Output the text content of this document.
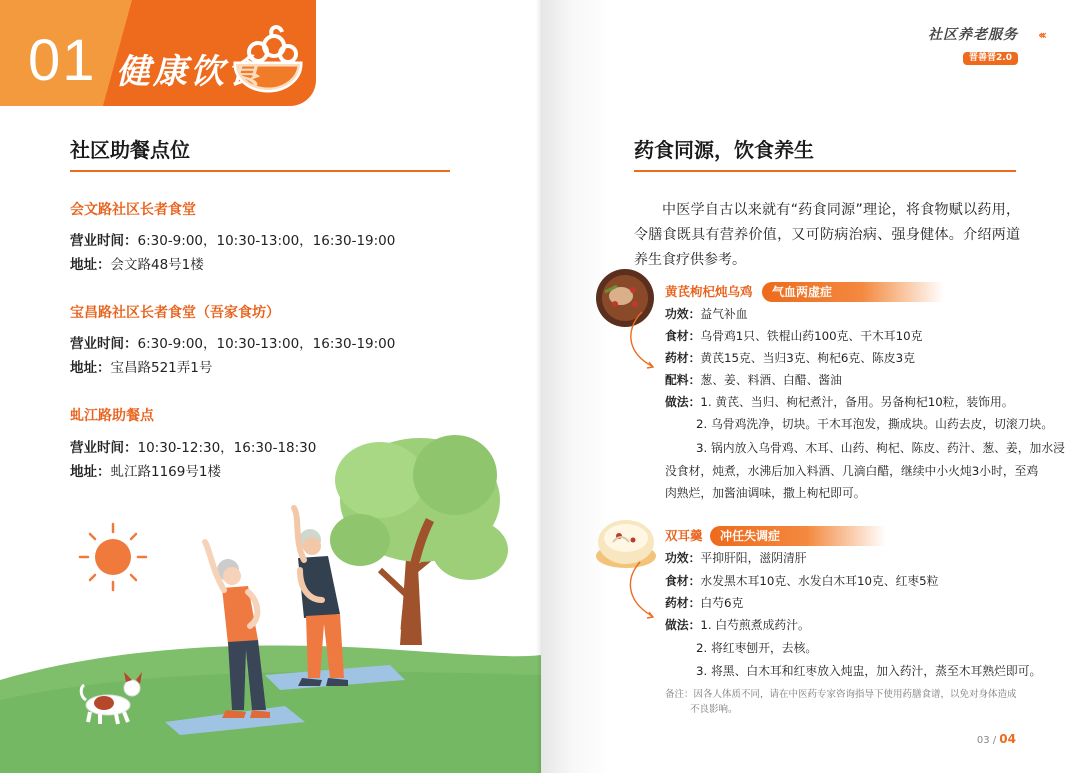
01 健康饮食
社区助餐点位
会文路社区长者食堂
营业时间：6:30-9:00，10:30-13:00，16:30-19:00
地址：会文路48号1楼
宝昌路社区长者食堂（吾家食坊）
营业时间：6:30-9:00，10:30-13:00，16:30-19:00
地址：宝昌路521弄1号
虬江路助餐点
营业时间：10:30-12:30，16:30-18:30
地址：虬江路1169号1楼
社区养老服务
晋善晋2.0
‹‹‹
药食同源，饮食养生

中医学自古以来就有“药食同源”理论，将食物赋以药用，令膳食既具有营养价值，又可防病治病、强身健体。介绍两道养生食疗供参考。

黄芪枸杞炖乌鸡	气血两虚症
功效：益气补血
食材：乌骨鸡1只、铁棍山药100克、干木耳10克
药材：黄芪15克、当归3克、枸杞6克、陈皮3克
配料：葱、姜、料酒、白醋、酱油
做法：1. 黄芪、当归、枸杞煮汁，备用。另备枸杞10粒，装饰用。
2. 乌骨鸡洗净，切块。干木耳泡发，撕成块。山药去皮，切滚刀块。
3. 锅内放入乌骨鸡、木耳、山药、枸杞、陈皮、药汁、葱、姜，加水浸
没食材，炖煮，水沸后加入料酒、几滴白醋，继续中小火炖3小时，至鸡
肉熟烂，加酱油调味，撒上枸杞即可。
双耳羹	冲任失调症
功效：平抑肝阳，滋阴清肝
食材：水发黑木耳10克、水发白木耳10克、红枣5粒
药材：白芍6克
做法：1. 白芍煎煮成药汁。
2. 将红枣刨开，去核。
3. 将黑、白木耳和红枣放入炖盅，加入药汁，蒸至木耳熟烂即可。
备注：因各人体质不同，请在中医药专家咨询指导下使用药膳食谱，以免对身体造成
不良影响。
03 / 04
